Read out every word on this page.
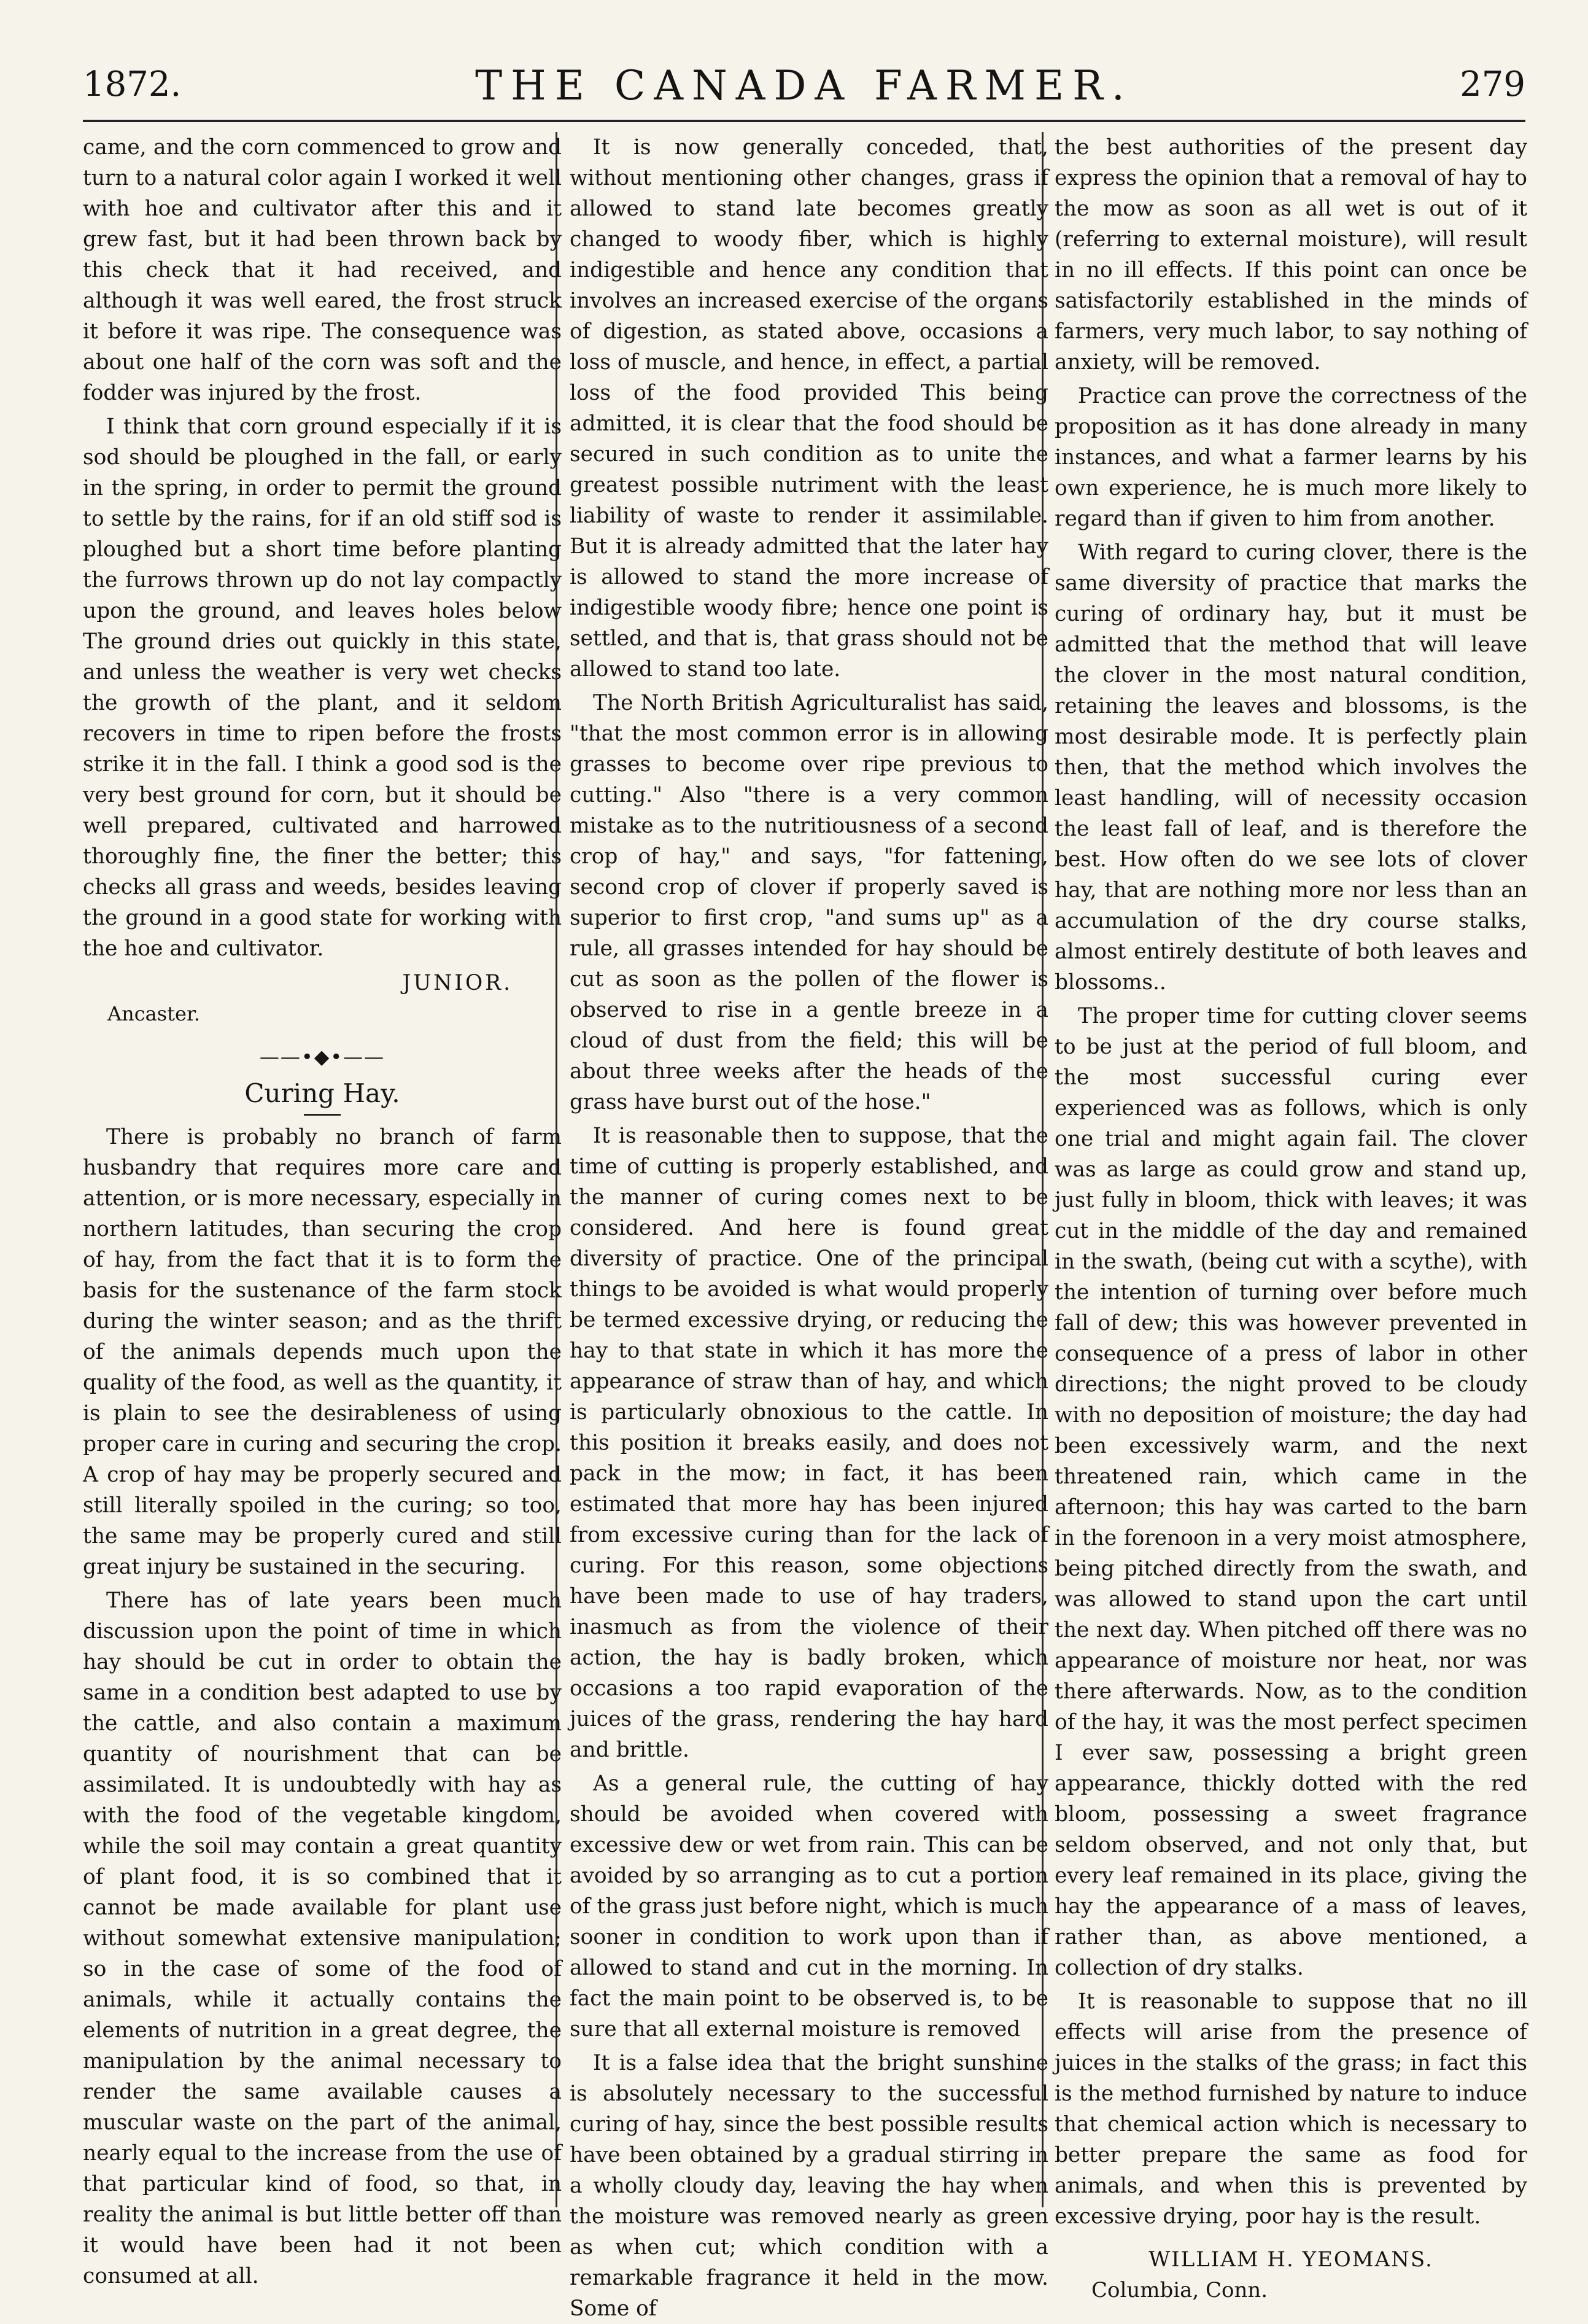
1872.	THE CANADA FARMER.	279

came, and the corn commenced to grow and turn to a natural color again I worked it well with hoe and cultivator after this and it grew fast, but it had been thrown back by this check that it had received, and although it was well eared, the frost struck it before it was ripe. The consequence was about one half of the corn was soft and the fodder was injured by the frost.

I think that corn ground especially if it is sod should be ploughed in the fall, or early in the spring, in order to permit the ground to settle by the rains, for if an old stiff sod is ploughed but a short time before planting the furrows thrown up do not lay compactly upon the ground, and leaves holes below The ground dries out quickly in this state, and unless the weather is very wet checks the growth of the plant, and it seldom recovers in time to ripen before the frosts strike it in the fall. I think a good sod is the very best ground for corn, but it should be well prepared, cultivated and harrowed thoroughly fine, the finer the better; this checks all grass and weeds, besides leaving the ground in a good state for working with the hoe and cultivator.

JUNIOR.
Ancaster.
——•◆•——
Curing Hay.

There is probably no branch of farm husbandry that requires more care and attention, or is more necessary, especially in northern latitudes, than securing the crop of hay, from the fact that it is to form the basis for the sustenance of the farm stock during the winter season; and as the thrift of the animals depends much upon the quality of the food, as well as the quantity, it is plain to see the desirableness of using proper care in curing and securing the crop. A crop of hay may be properly secured and still literally spoiled in the curing; so too, the same may be properly cured and still great injury be sustained in the securing.

There has of late years been much discussion upon the point of time in which hay should be cut in order to obtain the same in a condition best adapted to use by the cattle, and also contain a maximum quantity of nourishment that can be assimilated. It is undoubtedly with hay as with the food of the vegetable kingdom, while the soil may contain a great quantity of plant food, it is so combined that it cannot be made available for plant use without somewhat extensive manipulation; so in the case of some of the food of animals, while it actually contains the elements of nutrition in a great degree, the manipulation by the animal necessary to render the same available causes a muscular waste on the part of the animal, nearly equal to the increase from the use of that particular kind of food, so that, in reality the animal is but little better off than it would have been had it not been consumed at all.

It is now generally conceded, that, without mentioning other changes, grass if allowed to stand late becomes greatly changed to woody fiber, which is highly indigestible and hence any condition that involves an increased exercise of the organs of digestion, as stated above, occasions a loss of muscle, and hence, in effect, a partial loss of the food provided This being admitted, it is clear that the food should be secured in such condition as to unite the greatest possible nutriment with the least liability of waste to render it assimilable. But it is already admitted that the later hay is allowed to stand the more increase of indigestible woody fibre; hence one point is settled, and that is, that grass should not be allowed to stand too late.

The North British Agriculturalist has said, "that the most common error is in allowing grasses to become over ripe previous to cutting." Also "there is a very common mistake as to the nutritiousness of a second crop of hay," and says, "for fattening, second crop of clover if properly saved is superior to first crop, "and sums up" as a rule, all grasses intended for hay should be cut as soon as the pollen of the flower is observed to rise in a gentle breeze in a cloud of dust from the field; this will be about three weeks after the heads of the grass have burst out of the hose."

It is reasonable then to suppose, that the time of cutting is properly established, and the manner of curing comes next to be considered. And here is found great diversity of practice. One of the principal things to be avoided is what would properly be termed excessive drying, or reducing the hay to that state in which it has more the appearance of straw than of hay, and which is particularly obnoxious to the cattle. In this position it breaks easily, and does not pack in the mow; in fact, it has been estimated that more hay has been injured from excessive curing than for the lack of curing. For this reason, some objections have been made to use of hay traders, inasmuch as from the violence of their action, the hay is badly broken, which occasions a too rapid evaporation of the juices of the grass, rendering the hay hard and brittle.

As a general rule, the cutting of hay should be avoided when covered with excessive dew or wet from rain. This can be avoided by so arranging as to cut a portion of the grass just before night, which is much sooner in condition to work upon than if allowed to stand and cut in the morning. In fact the main point to be observed is, to be sure that all external moisture is removed

It is a false idea that the bright sunshine is absolutely necessary to the successful curing of hay, since the best possible results have been obtained by a gradual stirring in a wholly cloudy day, leaving the hay when the moisture was removed nearly as green as when cut; which condition with a remarkable fragrance it held in the mow. Some of

the best authorities of the present day express the opinion that a removal of hay to the mow as soon as all wet is out of it (referring to external moisture), will result in no ill effects. If this point can once be satisfactorily established in the minds of farmers, very much labor, to say nothing of anxiety, will be removed.

Practice can prove the correctness of the proposition as it has done already in many instances, and what a farmer learns by his own experience, he is much more likely to regard than if given to him from another.

With regard to curing clover, there is the same diversity of practice that marks the curing of ordinary hay, but it must be admitted that the method that will leave the clover in the most natural condition, retaining the leaves and blossoms, is the most desirable mode. It is perfectly plain then, that the method which involves the least handling, will of necessity occasion the least fall of leaf, and is therefore the best. How often do we see lots of clover hay, that are nothing more nor less than an accumulation of the dry course stalks, almost entirely destitute of both leaves and blossoms..

The proper time for cutting clover seems to be just at the period of full bloom, and the most successful curing ever experienced was as follows, which is only one trial and might again fail. The clover was as large as could grow and stand up, just fully in bloom, thick with leaves; it was cut in the middle of the day and remained in the swath, (being cut with a scythe), with the intention of turning over before much fall of dew; this was however prevented in consequence of a press of labor in other directions; the night proved to be cloudy with no deposition of moisture; the day had been excessively warm, and the next threatened rain, which came in the afternoon; this hay was carted to the barn in the forenoon in a very moist atmosphere, being pitched directly from the swath, and was allowed to stand upon the cart until the next day. When pitched off there was no appearance of moisture nor heat, nor was there afterwards. Now, as to the condition of the hay, it was the most perfect specimen I ever saw, possessing a bright green appearance, thickly dotted with the red bloom, possessing a sweet fragrance seldom observed, and not only that, but every leaf remained in its place, giving the hay the appearance of a mass of leaves, rather than, as above mentioned, a collection of dry stalks.

It is reasonable to suppose that no ill effects will arise from the presence of juices in the stalks of the grass; in fact this is the method furnished by nature to induce that chemical action which is necessary to better prepare the same as food for animals, and when this is prevented by excessive drying, poor hay is the result.

WILLIAM H. YEOMANS.
Columbia, Conn.
